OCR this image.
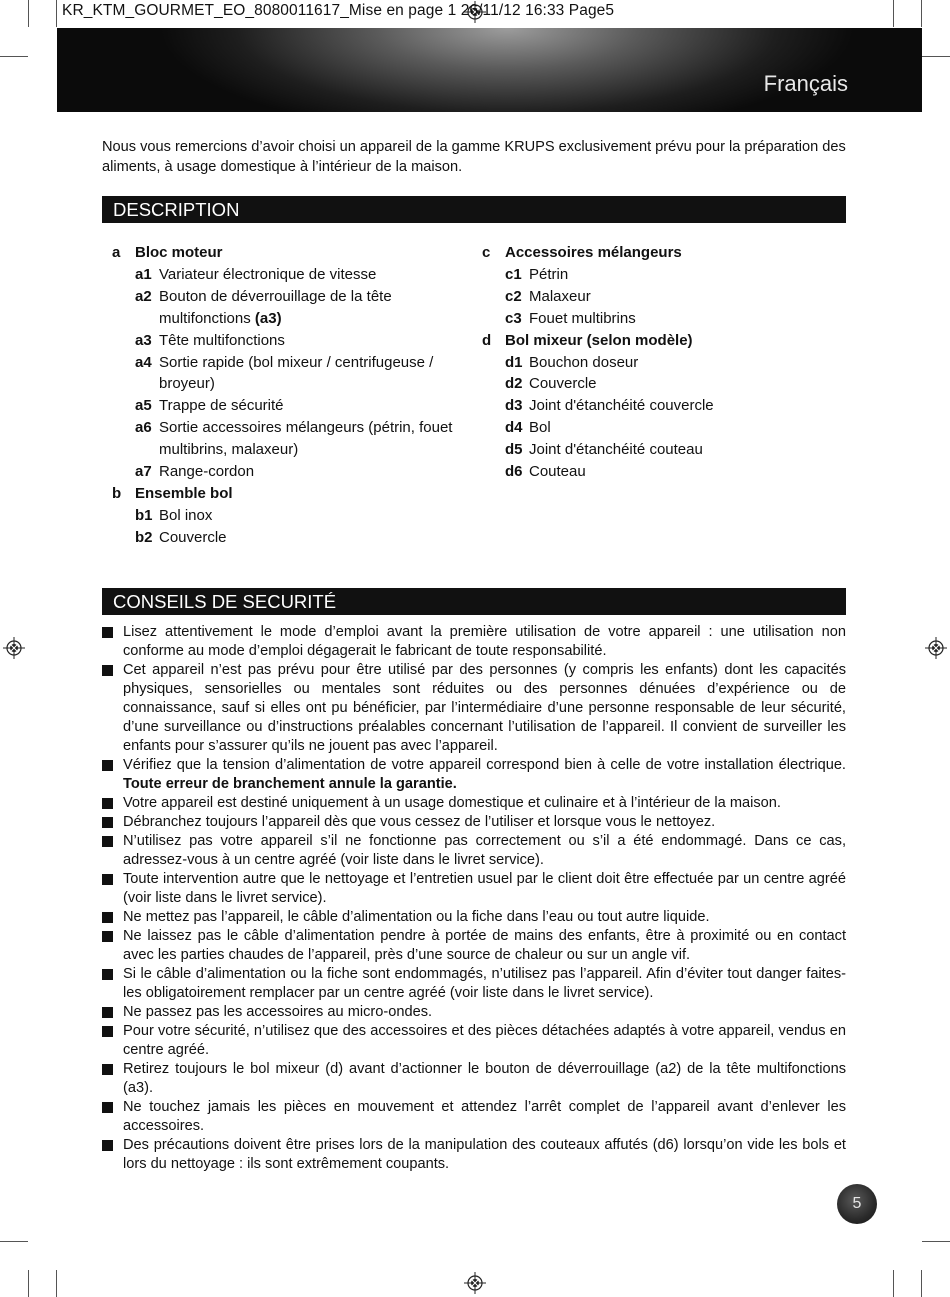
KR_KTM_GOURMET_EO_8080011617_Mise en page 1 26/11/12 16:33 Page5
Français
Nous vous remercions d’avoir choisi un appareil de la gamme KRUPS exclusivement prévu pour la préparation des aliments, à usage domestique à l’intérieur de la maison.
DESCRIPTION
a Bloc moteur
a1 Variateur électronique de vitesse
a2 Bouton de déverrouillage de la tête multifonctions (a3)
a3 Tête multifonctions
a4 Sortie rapide (bol mixeur / centrifugeuse / broyeur)
a5 Trappe de sécurité
a6 Sortie accessoires mélangeurs (pétrin, fouet multibrins, malaxeur)
a7 Range-cordon
b Ensemble bol
b1 Bol inox
b2 Couvercle
c Accessoires mélangeurs
c1 Pétrin
c2 Malaxeur
c3 Fouet multibrins
d Bol mixeur (selon modèle)
d1 Bouchon doseur
d2 Couvercle
d3 Joint d'étanchéité couvercle
d4 Bol
d5 Joint d'étanchéité couteau
d6 Couteau
CONSEILS DE SECURITÉ
Lisez attentivement le mode d’emploi avant la première utilisation de votre appareil : une utilisation non conforme au mode d’emploi dégagerait le fabricant de toute responsabilité.
Cet appareil n’est pas prévu pour être utilisé par des personnes (y compris les enfants) dont les capacités physiques, sensorielles ou mentales sont réduites ou des personnes dénuées d’expérience ou de connaissance, sauf si elles ont pu bénéficier, par l’intermédiaire d’une personne responsable de leur sécurité, d’une surveillance ou d’instructions préalables concernant l’utilisation de l’appareil. Il convient de surveiller les enfants pour s’assurer qu’ils ne jouent pas avec l’appareil.
Vérifiez que la tension d’alimentation de votre appareil correspond bien à celle de votre installation électrique. Toute erreur de branchement annule la garantie.
Votre appareil est destiné uniquement à un usage domestique et culinaire et à l’intérieur de la maison.
Débranchez toujours l’appareil dès que vous cessez de l’utiliser et lorsque vous le nettoyez.
N’utilisez pas votre appareil s’il ne fonctionne pas correctement ou s’il a été endommagé. Dans ce cas, adressez-vous à un centre agréé (voir liste dans le livret service).
Toute intervention autre que le nettoyage et l’entretien usuel par le client doit être effectuée par un centre agréé (voir liste dans le livret service).
Ne mettez pas l’appareil, le câble d’alimentation ou la fiche dans l’eau ou tout autre liquide.
Ne laissez pas le câble d’alimentation pendre à portée de mains des enfants, être à proximité ou en contact avec les parties chaudes de l’appareil, près d’une source de chaleur ou sur un angle vif.
Si le câble d’alimentation ou la fiche sont endommagés, n’utilisez pas l’appareil. Afin d’éviter tout danger faites-les obligatoirement remplacer par un centre agréé (voir liste dans le livret service).
Ne passez pas les accessoires au micro-ondes.
Pour votre sécurité, n’utilisez que des accessoires et des pièces détachées adaptés à votre appareil, vendus en centre agréé.
Retirez toujours le bol mixeur (d) avant d’actionner le bouton de déverrouillage (a2) de la tête multifonctions (a3).
Ne touchez jamais les pièces en mouvement et attendez l’arrêt complet de l’appareil avant d’enlever les accessoires.
Des précautions doivent être prises lors de la manipulation des couteaux affutés (d6) lorsqu’on vide les bols et lors du nettoyage : ils sont extrêmement coupants.
5
